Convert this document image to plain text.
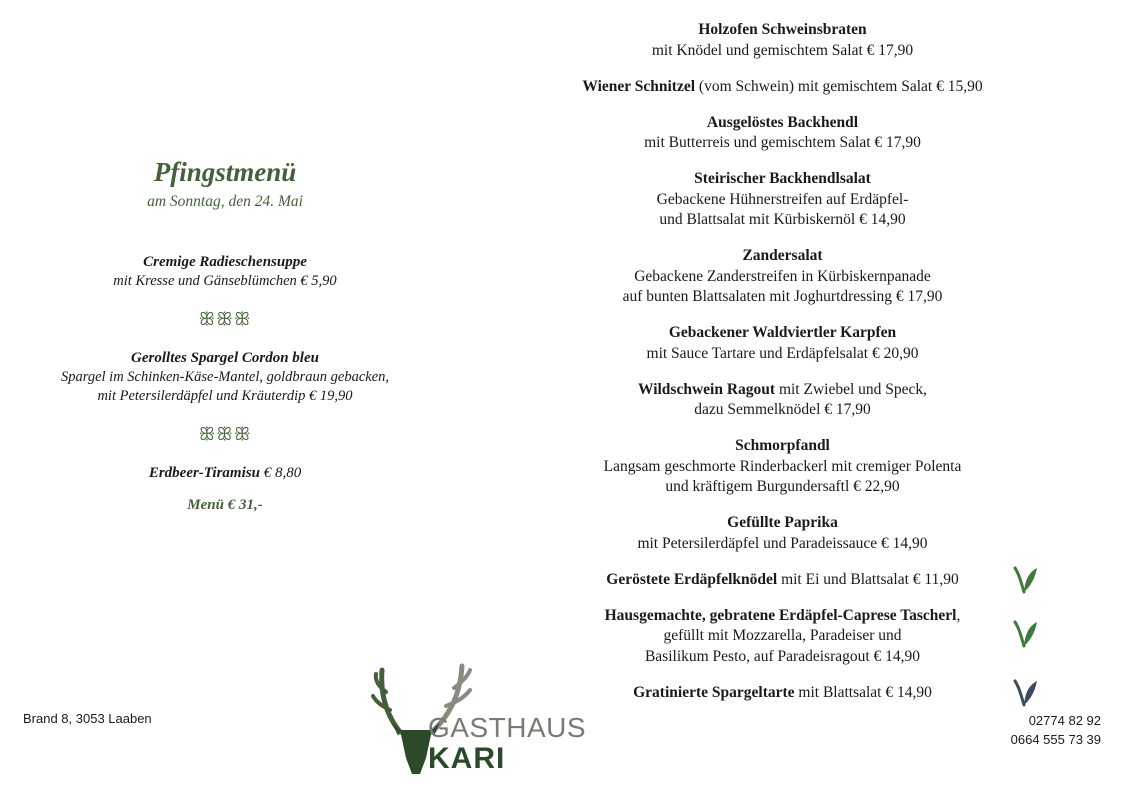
Pfingstmenü

am Sonntag, den 24. Mai

Cremige Radieschensuppe

mit Kresse und Gänseblümchen € 5,90

ꕥꕥꕥ

Gerolltes Spargel Cordon bleu

Spargel im Schinken-Käse-Mantel, goldbraun gebacken,

mit Petersilerdäpfel und Kräuterdip € 19,90

ꕥꕥꕥ

Erdbeer-Tiramisu € 8,80

Menü € 31,-

Holzofen Schweinsbraten

mit Knödel und gemischtem Salat € 17,90

Wiener Schnitzel (vom Schwein) mit gemischtem Salat € 15,90

Ausgelöstes Backhendl

mit Butterreis und gemischtem Salat € 17,90

Steirischer Backhendlsalat

Gebackene Hühnerstreifen auf Erdäpfel-

und Blattsalat mit Kürbiskernöl € 14,90

Zandersalat

Gebackene Zanderstreifen in Kürbiskernpanade

auf bunten Blattsalaten mit Joghurtdressing € 17,90

Gebackener Waldviertler Karpfen

mit Sauce Tartare und Erdäpfelsalat € 20,90

Wildschwein Ragout mit Zwiebel und Speck,

dazu Semmelknödel € 17,90

Schmorpfandl

Langsam geschmorte Rinderbackerl mit cremiger Polenta

und kräftigem Burgundersaftl € 22,90

Gefüllte Paprika

mit Petersilerdäpfel und Paradeissauce € 14,90

Geröstete Erdäpfelknödel mit Ei und Blattsalat € 11,90

Hausgemachte, gebratene Erdäpfel-Caprese Tascherl,

gefüllt mit Mozzarella, Paradeiser und

Basilikum Pesto, auf Paradeisragout € 14,90

Gratinierte Spargeltarte mit Blattsalat € 14,90

Brand 8, 3053 Laaben	02774 82 92
0664 555 73 39
GASTHAUS
KARI
